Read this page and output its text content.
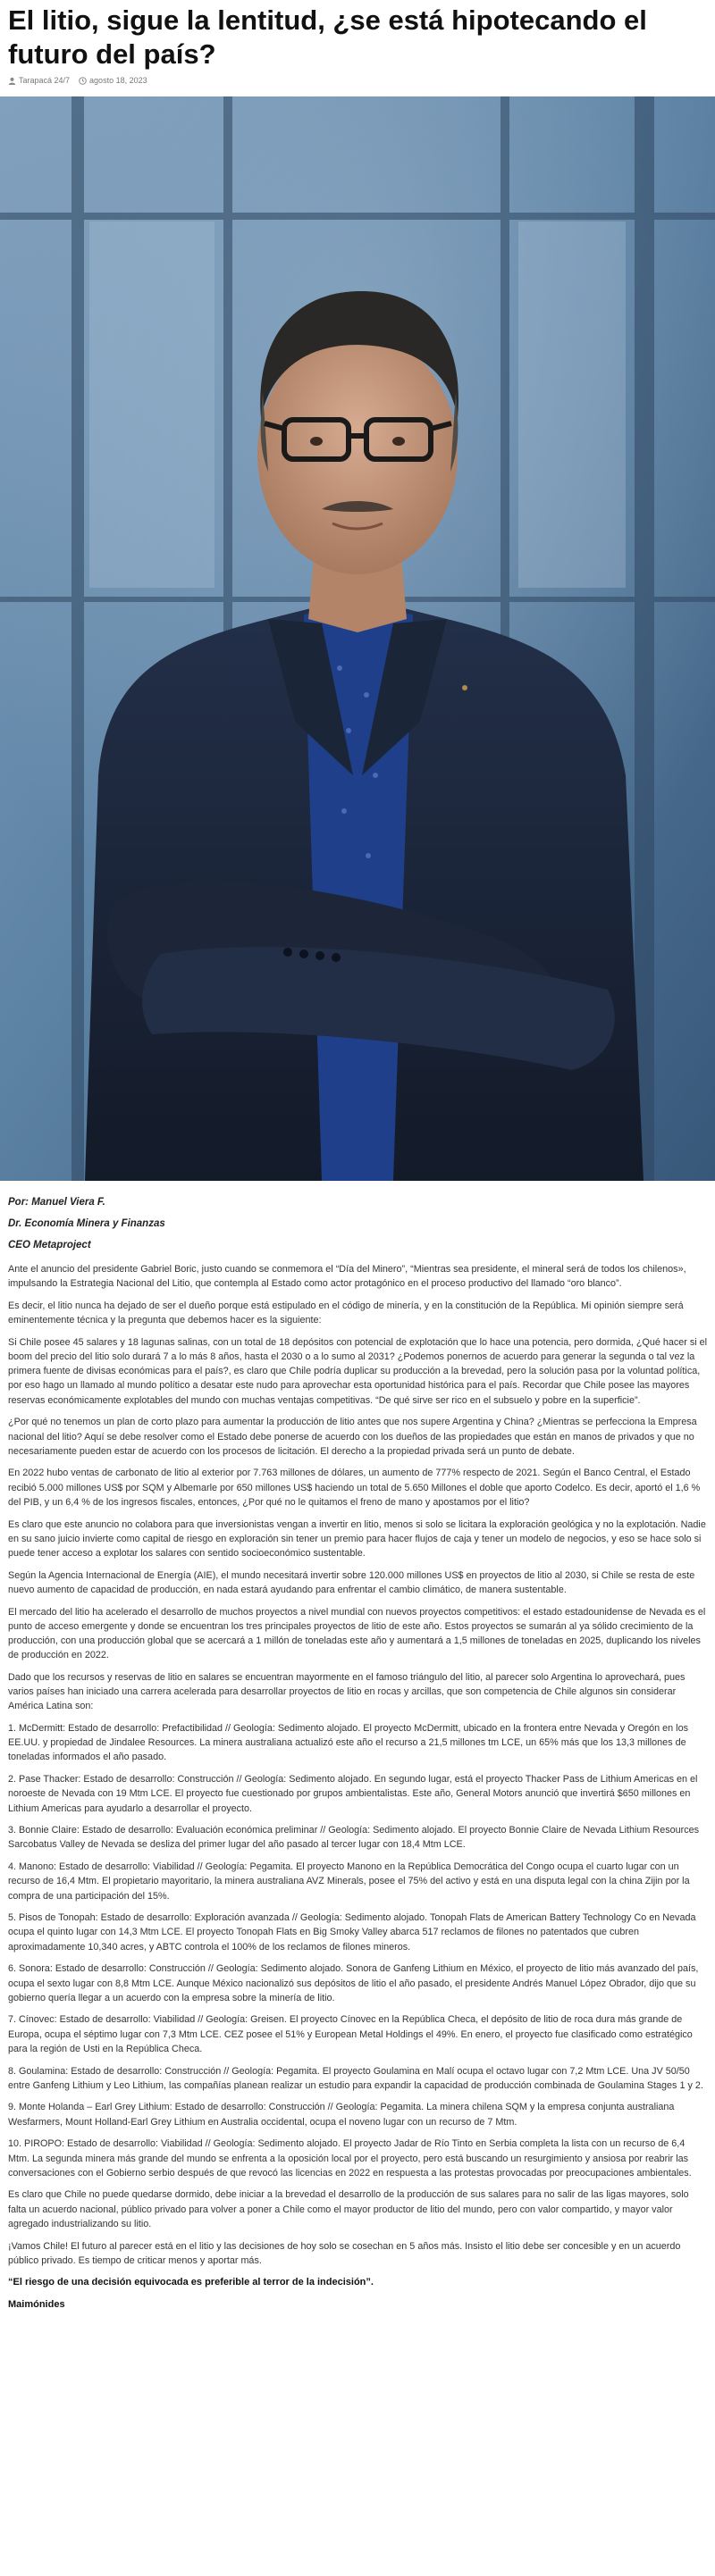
El litio, sigue la lentitud, ¿se está hipotecando el futuro del país?
Tarapacá 24/7 agosto 18, 2023
Por: Manuel Viera F.
Dr. Economía Minera y Finanzas
CEO Metaproject

Ante el anuncio del presidente Gabriel Boric, justo cuando se conmemora el “Día del Minero”, “Mientras sea presidente, el mineral será de todos los chilenos», impulsando la Estrategia Nacional del Litio, que contempla al Estado como actor protagónico en el proceso productivo del llamado “oro blanco”.

Es decir, el litio nunca ha dejado de ser el dueño porque está estipulado en el código de minería, y en la constitución de la República. Mi opinión siempre será eminentemente técnica y la pregunta que debemos hacer es la siguiente:

Si Chile posee 45 salares y 18 lagunas salinas, con un total de 18 depósitos con potencial de explotación que lo hace una potencia, pero dormida, ¿Qué hacer si el boom del precio del litio solo durará 7 a lo más 8 años, hasta el 2030 o a lo sumo al 2031? ¿Podemos ponernos de acuerdo para generar la segunda o tal vez la primera fuente de divisas económicas para el país?, es claro que Chile podría duplicar su producción a la brevedad, pero la solución pasa por la voluntad política, por eso hago un llamado al mundo político a desatar este nudo para aprovechar esta oportunidad histórica para el país. Recordar que Chile posee las mayores reservas económicamente explotables del mundo con muchas ventajas competitivas. “De qué sirve ser rico en el subsuelo y pobre en la superficie”.

¿Por qué no tenemos un plan de corto plazo para aumentar la producción de litio antes que nos supere Argentina y China? ¿Mientras se perfecciona la Empresa nacional del litio? Aquí se debe resolver como el Estado debe ponerse de acuerdo con los dueños de las propiedades que están en manos de privados y que no necesariamente pueden estar de acuerdo con los procesos de licitación. El derecho a la propiedad privada será un punto de debate.

En 2022 hubo ventas de carbonato de litio al exterior por 7.763 millones de dólares, un aumento de 777% respecto de 2021. Según el Banco Central, el Estado recibió 5.000 millones US$ por SQM y Albemarle por 650 millones US$ haciendo un total de 5.650 Millones el doble que aporto Codelco. Es decir, aportó el 1,6 % del PIB, y un 6,4 % de los ingresos fiscales, entonces, ¿Por qué no le quitamos el freno de mano y apostamos por el litio?

Es claro que este anuncio no colabora para que inversionistas vengan a invertir en litio, menos si solo se licitara la exploración geológica y no la explotación. Nadie en su sano juicio invierte como capital de riesgo en exploración sin tener un premio para hacer flujos de caja y tener un modelo de negocios, y eso se hace solo si puede tener acceso a explotar los salares con sentido socioeconómico sustentable.

Según la Agencia Internacional de Energía (AIE), el mundo necesitará invertir sobre 120.000 millones US$ en proyectos de litio al 2030, si Chile se resta de este nuevo aumento de capacidad de producción, en nada estará ayudando para enfrentar el cambio climático, de manera sustentable.

El mercado del litio ha acelerado el desarrollo de muchos proyectos a nivel mundial con nuevos proyectos competitivos: el estado estadounidense de Nevada es el punto de acceso emergente y donde se encuentran los tres principales proyectos de litio de este año. Estos proyectos se sumarán al ya sólido crecimiento de la producción, con una producción global que se acercará a 1 millón de toneladas este año y aumentará a 1,5 millones de toneladas en 2025, duplicando los niveles de producción en 2022.

Dado que los recursos y reservas de litio en salares se encuentran mayormente en el famoso triángulo del litio, al parecer solo Argentina lo aprovechará, pues varios países han iniciado una carrera acelerada para desarrollar proyectos de litio en rocas y arcillas, que son competencia de Chile algunos sin considerar América Latina son:

1. McDermitt: Estado de desarrollo: Prefactibilidad // Geología: Sedimento alojado. El proyecto McDermitt, ubicado en la frontera entre Nevada y Oregón en los EE.UU. y propiedad de Jindalee Resources. La minera australiana actualizó este año el recurso a 21,5 millones tm LCE, un 65% más que los 13,3 millones de toneladas informados el año pasado.

2. Pase Thacker: Estado de desarrollo: Construcción // Geología: Sedimento alojado. En segundo lugar, está el proyecto Thacker Pass de Lithium Americas en el noroeste de Nevada con 19 Mtm LCE. El proyecto fue cuestionado por grupos ambientalistas. Este año, General Motors anunció que invertirá $650 millones en Lithium Americas para ayudarlo a desarrollar el proyecto.

3. Bonnie Claire: Estado de desarrollo: Evaluación económica preliminar // Geología: Sedimento alojado. El proyecto Bonnie Claire de Nevada Lithium Resources Sarcobatus Valley de Nevada se desliza del primer lugar del año pasado al tercer lugar con 18,4 Mtm LCE.

4. Manono: Estado de desarrollo: Viabilidad // Geología: Pegamita. El proyecto Manono en la República Democrática del Congo ocupa el cuarto lugar con un recurso de 16,4 Mtm. El propietario mayoritario, la minera australiana AVZ Minerals, posee el 75% del activo y está en una disputa legal con la china Zijin por la compra de una participación del 15%.

5. Pisos de Tonopah: Estado de desarrollo: Exploración avanzada // Geología: Sedimento alojado. Tonopah Flats de American Battery Technology Co en Nevada ocupa el quinto lugar con 14,3 Mtm LCE. El proyecto Tonopah Flats en Big Smoky Valley abarca 517 reclamos de filones no patentados que cubren aproximadamente 10,340 acres, y ABTC controla el 100% de los reclamos de filones mineros.

6. Sonora: Estado de desarrollo: Construcción // Geología: Sedimento alojado. Sonora de Ganfeng Lithium en México, el proyecto de litio más avanzado del país, ocupa el sexto lugar con 8,8 Mtm LCE. Aunque México nacionalizó sus depósitos de litio el año pasado, el presidente Andrés Manuel López Obrador, dijo que su gobierno quería llegar a un acuerdo con la empresa sobre la minería de litio.

7. Cínovec: Estado de desarrollo: Viabilidad // Geología: Greisen. El proyecto Cínovec en la República Checa, el depósito de litio de roca dura más grande de Europa, ocupa el séptimo lugar con 7,3 Mtm LCE. CEZ posee el 51% y European Metal Holdings el 49%. En enero, el proyecto fue clasificado como estratégico para la región de Usti en la República Checa.

8. Goulamina: Estado de desarrollo: Construcción // Geología: Pegamita. El proyecto Goulamina en Malí ocupa el octavo lugar con 7,2 Mtm LCE. Una JV 50/50 entre Ganfeng Lithium y Leo Lithium, las compañías planean realizar un estudio para expandir la capacidad de producción combinada de Goulamina Stages 1 y 2.

9. Monte Holanda – Earl Grey Lithium: Estado de desarrollo: Construcción // Geología: Pegamita. La minera chilena SQM y la empresa conjunta australiana Wesfarmers, Mount Holland-Earl Grey Lithium en Australia occidental, ocupa el noveno lugar con un recurso de 7 Mtm.

10. PIROPO: Estado de desarrollo: Viabilidad // Geología: Sedimento alojado. El proyecto Jadar de Río Tinto en Serbia completa la lista con un recurso de 6,4 Mtm. La segunda minera más grande del mundo se enfrenta a la oposición local por el proyecto, pero está buscando un resurgimiento y ansiosa por reabrir las conversaciones con el Gobierno serbio después de que revocó las licencias en 2022 en respuesta a las protestas provocadas por preocupaciones ambientales.

Es claro que Chile no puede quedarse dormido, debe iniciar a la brevedad el desarrollo de la producción de sus salares para no salir de las ligas mayores, solo falta un acuerdo nacional, público privado para volver a poner a Chile como el mayor productor de litio del mundo, pero con valor compartido, y mayor valor agregado industrializando su litio.

¡Vamos Chile! El futuro al parecer está en el litio y las decisiones de hoy solo se cosechan en 5 años más. Insisto el litio debe ser concesible y en un acuerdo público privado. Es tiempo de criticar menos y aportar más.

“El riesgo de una decisión equivocada es preferible al terror de la indecisión”.

Maimónides
